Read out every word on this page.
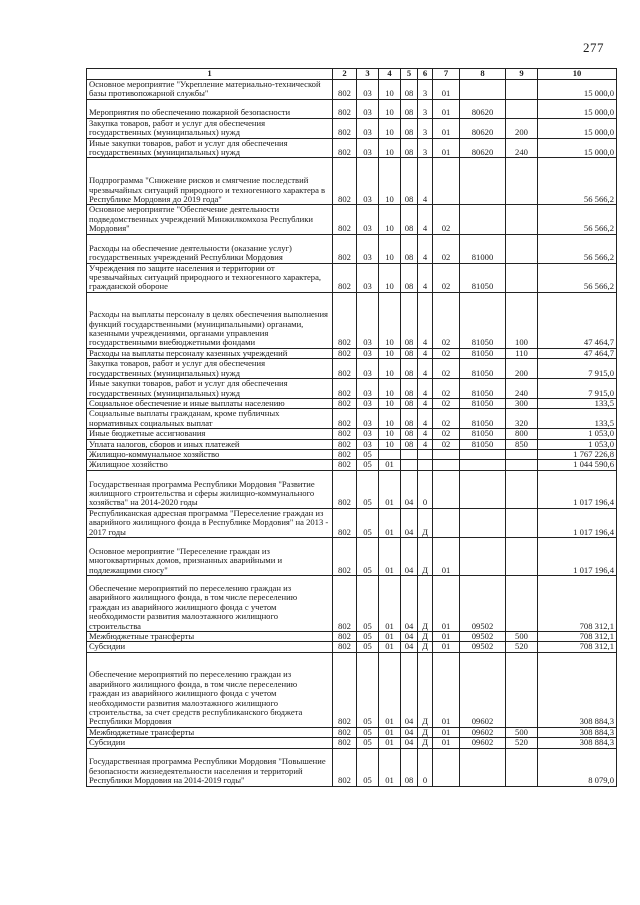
277
1	2	3	4	5	6	7	8	9	10
Основное мероприятие "Укрепление материально-технической базы противопожарной службы"	802	03	10	08	3	01			15 000,0
Мероприятия по обеспечению пожарной безопасности	802	03	10	08	3	01	80620		15 000,0
Закупка товаров, работ и услуг для обеспечения государственных (муниципальных) нужд	802	03	10	08	3	01	80620	200	15 000,0
Иные закупки товаров, работ и услуг для обеспечения государственных (муниципальных) нужд	802	03	10	08	3	01	80620	240	15 000,0
Подпрограмма "Снижение рисков и смягчение последствий чрезвычайных ситуаций природного и техногенного характера в Республике Мордовия до 2019 года"	802	03	10	08	4				56 566,2
Основное мероприятие "Обеспечение деятельности подведомственных учреждений Минжилкомхоза Республики Мордовия"	802	03	10	08	4	02			56 566,2
Расходы на обеспечение деятельности (оказание услуг) государственных учреждений Республики Мордовия	802	03	10	08	4	02	81000		56 566,2
Учреждения по защите населения и территории от чрезвычайных ситуаций природного и техногенного характера, гражданской обороне	802	03	10	08	4	02	81050		56 566,2
Расходы на выплаты персоналу в целях обеспечения выполнения функций государственными (муниципальными) органами, казенными учреждениями, органами управления государственными внебюджетными фондами	802	03	10	08	4	02	81050	100	47 464,7
Расходы на выплаты персоналу казенных учреждений	802	03	10	08	4	02	81050	110	47 464,7
Закупка товаров, работ и услуг для обеспечения государственных (муниципальных) нужд	802	03	10	08	4	02	81050	200	7 915,0
Иные закупки товаров, работ и услуг для обеспечения государственных (муниципальных) нужд	802	03	10	08	4	02	81050	240	7 915,0
Социальное обеспечение и иные выплаты населению	802	03	10	08	4	02	81050	300	133,5
Социальные выплаты гражданам, кроме публичных нормативных социальных выплат	802	03	10	08	4	02	81050	320	133,5
Иные бюджетные ассигнования	802	03	10	08	4	02	81050	800	1 053,0
Уплата налогов, сборов и иных платежей	802	03	10	08	4	02	81050	850	1 053,0
Жилищно-коммунальное хозяйство	802	05							1 767 226,8
Жилищное хозяйство	802	05	01						1 044 590,6
Государственная программа Республики Мордовия "Развитие жилищного строительства и сферы жилищно-коммунального хозяйства" на 2014-2020 годы	802	05	01	04	0				1 017 196,4
Республиканская адресная программа "Переселение граждан из аварийного жилищного фонда в Республике Мордовия" на 2013 - 2017 годы	802	05	01	04	Д				1 017 196,4
Основное мероприятие "Переселение граждан из многоквартирных домов, признанных аварийными и подлежащими сносу"	802	05	01	04	Д	01			1 017 196,4
Обеспечение мероприятий по переселению граждан из аварийного жилищного фонда, в том числе переселению граждан из аварийного жилищного фонда с учетом необходимости развития малоэтажного жилищного строительства	802	05	01	04	Д	01	09502		708 312,1
Межбюджетные трансферты	802	05	01	04	Д	01	09502	500	708 312,1
Субсидии	802	05	01	04	Д	01	09502	520	708 312,1
Обеспечение мероприятий по переселению граждан из аварийного жилищного фонда, в том числе переселению граждан из аварийного жилищного фонда с учетом необходимости развития малоэтажного жилищного строительства, за счет средств республиканского бюджета Республики Мордовия	802	05	01	04	Д	01	09602		308 884,3
Межбюджетные трансферты	802	05	01	04	Д	01	09602	500	308 884,3
Субсидии	802	05	01	04	Д	01	09602	520	308 884,3
Государственная программа Республики Мордовия "Повышение безопасности жизнедеятельности населения и территорий Республики Мордовия на 2014-2019 годы"	802	05	01	08	0				8 079,0
